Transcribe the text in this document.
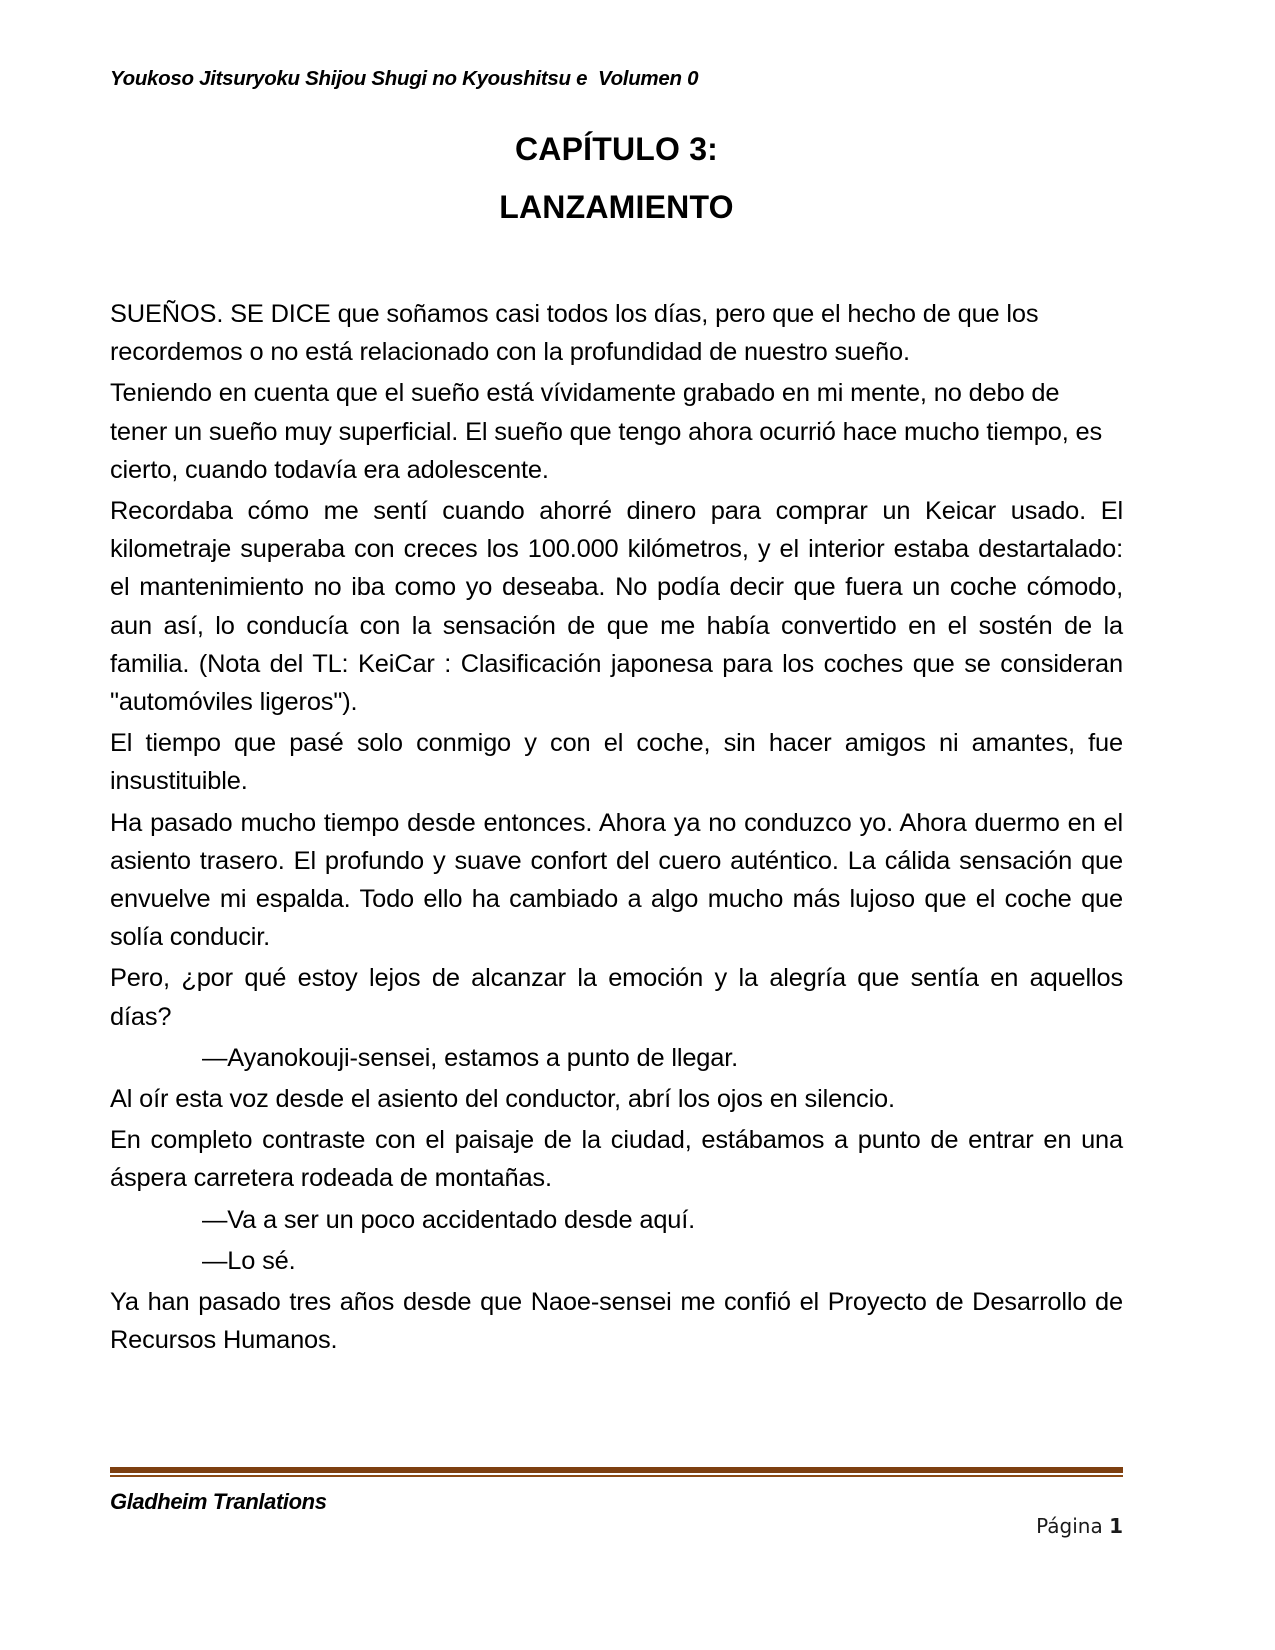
Youkoso Jitsuryoku Shijou Shugi no Kyoushitsu e  Volumen 0
CAPÍTULO 3:
LANZAMIENTO

SUEÑOS. SE DICE que soñamos casi todos los días, pero que el hecho de que los recordemos o no está relacionado con la profundidad de nuestro sueño.

Teniendo en cuenta que el sueño está vívidamente grabado en mi mente, no debo de tener un sueño muy superficial. El sueño que tengo ahora ocurrió hace mucho tiempo, es cierto, cuando todavía era adolescente.

Recordaba cómo me sentí cuando ahorré dinero para comprar un Keicar usado. El kilometraje superaba con creces los 100.000 kilómetros, y el interior estaba destartalado: el mantenimiento no iba como yo deseaba. No podía decir que fuera un coche cómodo, aun así, lo conducía con la sensación de que me había convertido en el sostén de la familia. (Nota del TL: KeiCar : Clasificación japonesa para los coches que se consideran "automóviles ligeros").

El tiempo que pasé solo conmigo y con el coche, sin hacer amigos ni amantes, fue insustituible.

Ha pasado mucho tiempo desde entonces. Ahora ya no conduzco yo. Ahora duermo en el asiento trasero. El profundo y suave confort del cuero auténtico. La cálida sensación que envuelve mi espalda. Todo ello ha cambiado a algo mucho más lujoso que el coche que solía conducir.

Pero, ¿por qué estoy lejos de alcanzar la emoción y la alegría que sentía en aquellos días?

—Ayanokouji-sensei, estamos a punto de llegar.

Al oír esta voz desde el asiento del conductor, abrí los ojos en silencio.

En completo contraste con el paisaje de la ciudad, estábamos a punto de entrar en una áspera carretera rodeada de montañas.

—Va a ser un poco accidentado desde aquí.

—Lo sé.

Ya han pasado tres años desde que Naoe-sensei me confió el Proyecto de Desarrollo de Recursos Humanos.

Gladheim Tranlations

Página 1
